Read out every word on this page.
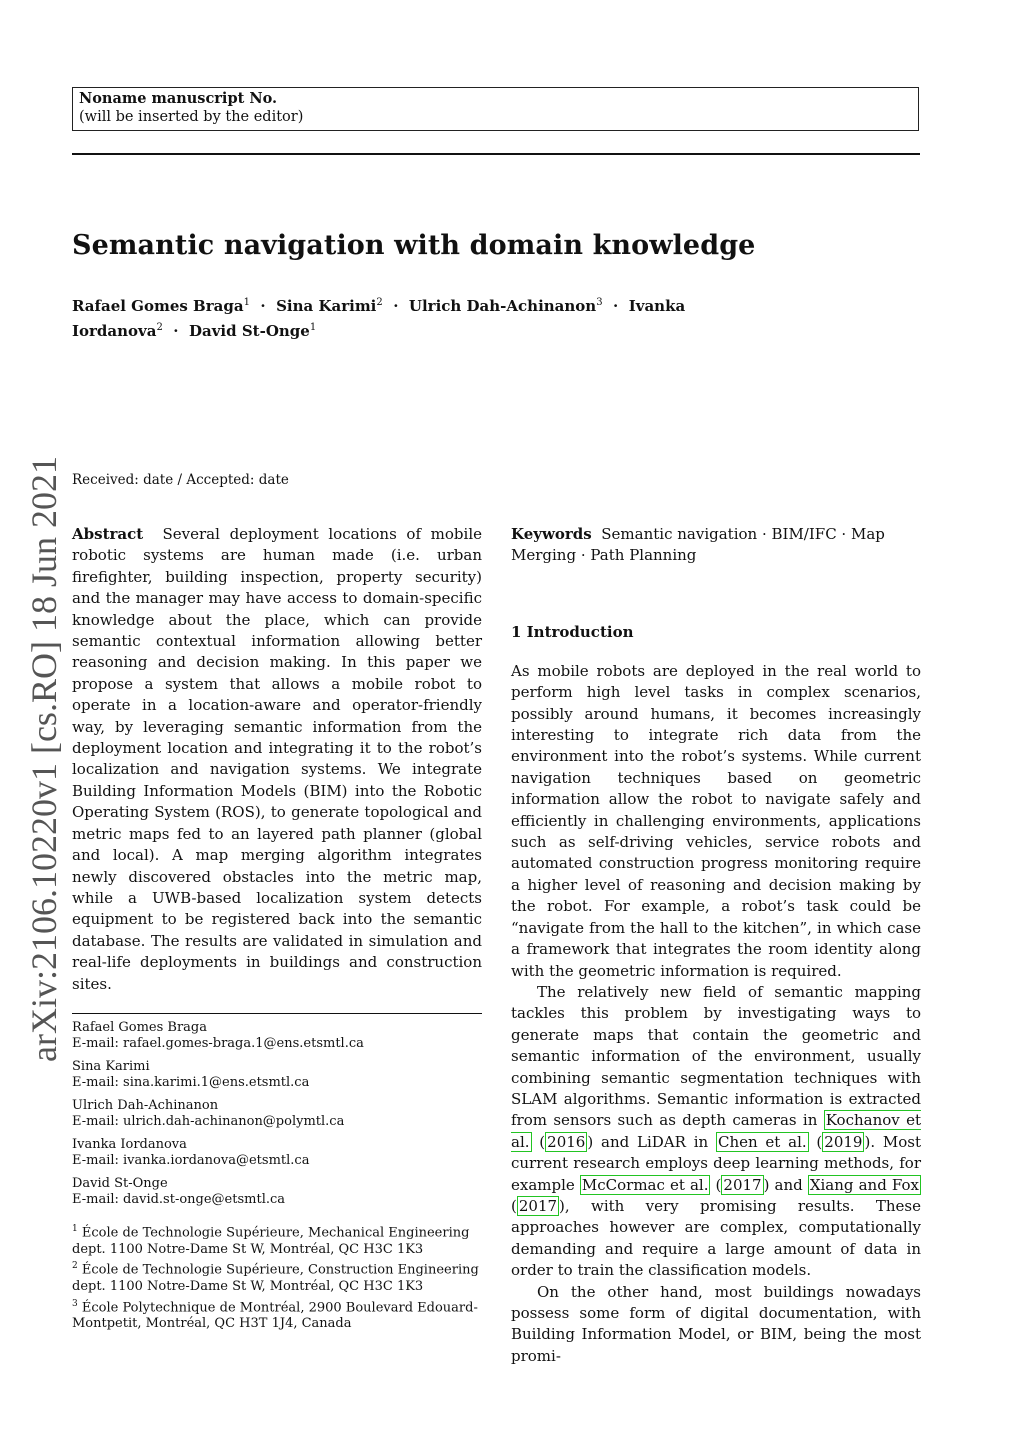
Noname manuscript No.
(will be inserted by the editor)
arXiv:2106.10220v1 [cs.RO] 18 Jun 2021
Semantic navigation with domain knowledge
Rafael Gomes Braga$^1$  ·  Sina Karimi$^2$  ·  Ulrich Dah-Achinanon$^3$  ·  Ivanka Iordanova$^2$  ·  David St-Onge$^1$
Received: date / Accepted: date

Abstract Several deployment locations of mobile robotic systems are human made (i.e. urban firefighter, building inspection, property security) and the manager may have access to domain-specific knowledge about the place, which can provide semantic contextual information allowing better reasoning and decision making. In this paper we propose a system that allows a mobile robot to operate in a location-aware and operator-friendly way, by leveraging semantic information from the deployment location and integrating it to the robot’s localization and navigation systems. We integrate Building Information Models (BIM) into the Robotic Operating System (ROS), to generate topological and metric maps fed to an layered path planner (global and local). A map merging algorithm integrates newly discovered obstacles into the metric map, while a UWB-based localization system detects equipment to be registered back into the semantic database. The results are validated in simulation and real-life deployments in buildings and construction sites.

Rafael Gomes Braga
E-mail: rafael.gomes-braga.1@ens.etsmtl.ca
Sina Karimi
E-mail: sina.karimi.1@ens.etsmtl.ca
Ulrich Dah-Achinanon
E-mail: ulrich.dah-achinanon@polymtl.ca
Ivanka Iordanova
E-mail: ivanka.iordanova@etsmtl.ca
David St-Onge
E-mail: david.st-onge@etsmtl.ca
$^1$ École de Technologie Supérieure, Mechanical Engineering dept. 1100 Notre-Dame St W, Montréal, QC H3C 1K3
$^2$ École de Technologie Supérieure, Construction Engineering dept. 1100 Notre-Dame St W, Montréal, QC H3C 1K3
$^3$ École Polytechnique de Montréal, 2900 Boulevard Edouard-Montpetit, Montréal, QC H3T 1J4, Canada

Keywords Semantic navigation · BIM/IFC · Map Merging · Path Planning

1 Introduction

As mobile robots are deployed in the real world to perform high level tasks in complex scenarios, possibly around humans, it becomes increasingly interesting to integrate rich data from the environment into the robot’s systems. While current navigation techniques based on geometric information allow the robot to navigate safely and efficiently in challenging environments, applications such as self-driving vehicles, service robots and automated construction progress monitoring require a higher level of reasoning and decision making by the robot. For example, a robot’s task could be “navigate from the hall to the kitchen”, in which case a framework that integrates the room identity along with the geometric information is required.

The relatively new field of semantic mapping tackles this problem by investigating ways to generate maps that contain the geometric and semantic information of the environment, usually combining semantic segmentation techniques with SLAM algorithms. Semantic information is extracted from sensors such as depth cameras in Kochanov et al. ( 2016 ) and LiDAR in Chen et al. ( 2019 ). Most current research employs deep learning methods, for example McCormac et al. ( 2017 ) and Xiang and Fox ( 2017 ), with very promising results. These approaches however are complex, computationally demanding and require a large amount of data in order to train the classification models.

On the other hand, most buildings nowadays possess some form of digital documentation, with Building Information Model, or BIM, being the most promi-
